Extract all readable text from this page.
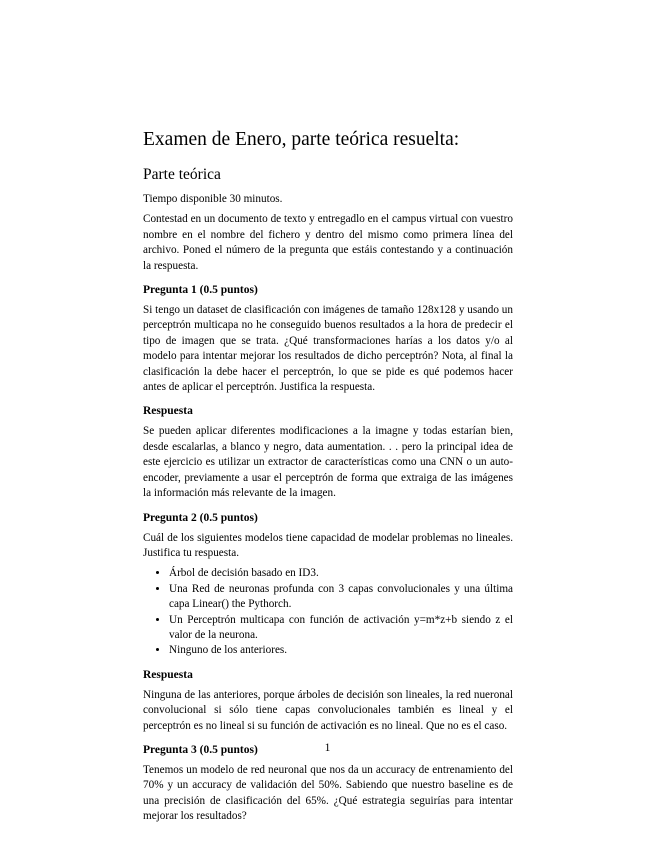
Examen de Enero, parte teórica resuelta:
Parte teórica

Tiempo disponible 30 minutos.

Contestad en un documento de texto y entregadlo en el campus virtual con vuestro nombre en el nombre del fichero y dentro del mismo como primera línea del archivo. Poned el número de la pregunta que estáis contestando y a continuación la respuesta.

Pregunta 1 (0.5 puntos)

Si tengo un dataset de clasificación con imágenes de tamaño 128x128 y usando un perceptrón multicapa no he conseguido buenos resultados a la hora de predecir el tipo de imagen que se trata. ¿Qué transformaciones harías a los datos y/o al modelo para intentar mejorar los resultados de dicho perceptrón? Nota, al final la clasificación la debe hacer el perceptrón, lo que se pide es qué podemos hacer antes de aplicar el perceptrón. Justifica la respuesta.

Respuesta

Se pueden aplicar diferentes modificaciones a la imagne y todas estarían bien, desde escalarlas, a blanco y negro, data aumentation. . . pero la principal idea de este ejercicio es utilizar un extractor de características como una CNN o un auto-encoder, previamente a usar el perceptrón de forma que extraiga de las imágenes la información más relevante de la imagen.

Pregunta 2 (0.5 puntos)

Cuál de los siguientes modelos tiene capacidad de modelar problemas no lineales. Justifica tu respuesta.

• Árbol de decisión basado en ID3.
• Una Red de neuronas profunda con 3 capas convolucionales y una última capa Linear() the Pythorch.
• Un Perceptrón multicapa con función de activación y=m*z+b siendo z el valor de la neurona.
• Ninguno de los anteriores.
Respuesta

Ninguna de las anteriores, porque árboles de decisión son lineales, la red nueronal convolucional si sólo tiene capas convolucionales también es lineal y el perceptrón es no lineal si su función de activación es no lineal. Que no es el caso.

Pregunta 3 (0.5 puntos)

Tenemos un modelo de red neuronal que nos da un accuracy de entrenamiento del 70% y un accuracy de validación del 50%. Sabiendo que nuestro baseline es de una precisión de clasificación del 65%. ¿Qué estrategia seguirías para intentar mejorar los resultados?

1
